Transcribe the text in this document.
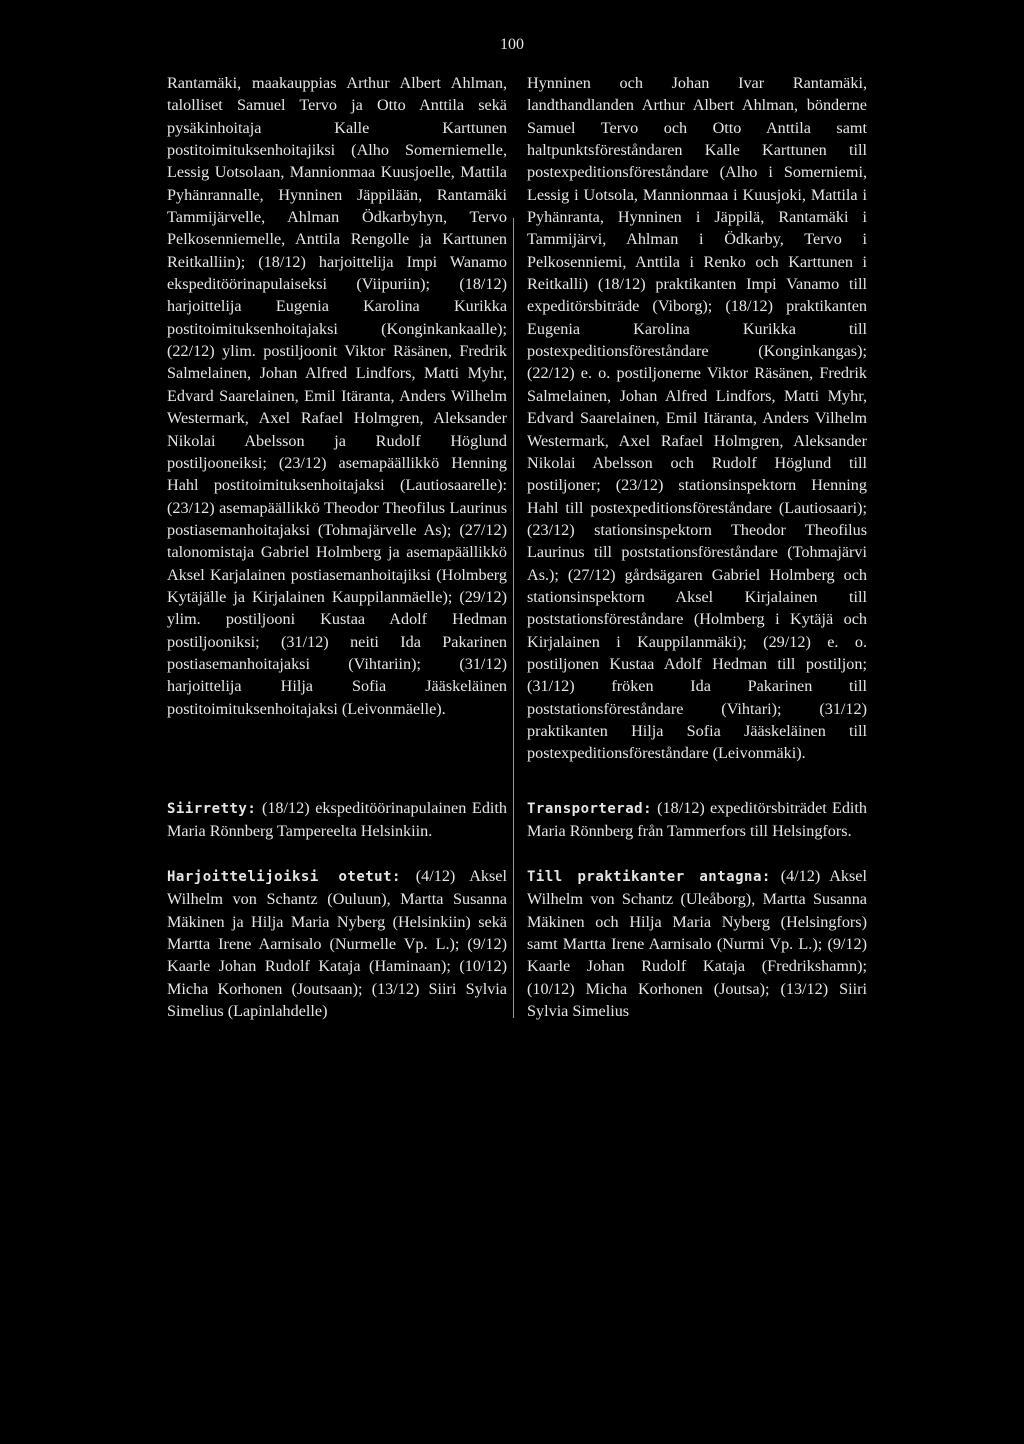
100

Rantamäki, maakauppias Arthur Albert Ahlman, talolliset Samuel Tervo ja Otto Anttila sekä pysäkinhoitaja Kalle Karttunen postitoimituksenhoitajiksi (Alho Somerniemelle, Lessig Uotsolaan, Mannionmaa Kuusjoelle, Mattila Pyhänrannalle, Hynninen Jäppilään, Rantamäki Tammijärvelle, Ahlman Ödkarbyhyn, Tervo Pelkosenniemelle, Anttila Rengolle ja Karttunen Reitkalliin); (18/12) harjoittelija Impi Wanamo ekspeditöörinapulaiseksi (Viipuriin); (18/12) harjoittelija Eugenia Karolina Kurikka postitoimituksenhoitajaksi (Konginkankaalle); (22/12) ylim. postiljoonit Viktor Räsänen, Fredrik Salmelainen, Johan Alfred Lindfors, Matti Myhr, Edvard Saarelainen, Emil Itäranta, Anders Wilhelm Westermark, Axel Rafael Holmgren, Aleksander Nikolai Abelsson ja Rudolf Höglund postiljooneiksi; (23/12) asemapäällikkö Henning Hahl postitoimituksenhoitajaksi (Lautiosaarelle): (23/12) asemapäällikkö Theodor Theofilus Laurinus postiasemanhoitajaksi (Tohmajärvelle As); (27/12) talonomistaja Gabriel Holmberg ja asemapäällikkö Aksel Karjalainen postiasemanhoitajiksi (Holmberg Kytäjälle ja Kirjalainen Kauppilanmäelle); (29/12) ylim. postiljooni Kustaa Adolf Hedman postiljooniksi; (31/12) neiti Ida Pakarinen postiasemanhoitajaksi (Vihtariin); (31/12) harjoittelija Hilja Sofia Jääskeläinen postitoimituksenhoitajaksi (Leivonmäelle).

Siirretty: (18/12) ekspeditöörinapulainen Edith Maria Rönnberg Tampereelta Helsinkiin.

Harjoittelijoiksi otetut: (4/12) Aksel Wilhelm von Schantz (Ouluun), Martta Susanna Mäkinen ja Hilja Maria Nyberg (Helsinkiin) sekä Martta Irene Aarnisalo (Nurmelle Vp. L.); (9/12) Kaarle Johan Rudolf Kataja (Haminaan); (10/12) Micha Korhonen (Joutsaan); (13/12) Siiri Sylvia Simelius (Lapinlahdelle)

Hynninen och Johan Ivar Rantamäki, landthandlanden Arthur Albert Ahlman, bönderne Samuel Tervo och Otto Anttila samt haltpunktsföreståndaren Kalle Karttunen till postexpeditionsföreståndare (Alho i Somerniemi, Lessig i Uotsola, Mannionmaa i Kuusjoki, Mattila i Pyhänranta, Hynninen i Jäppilä, Rantamäki i Tammijärvi, Ahlman i Ödkarby, Tervo i Pelkosenniemi, Anttila i Renko och Karttunen i Reitkalli) (18/12) praktikanten Impi Vanamo till expeditörsbiträde (Viborg); (18/12) praktikanten Eugenia Karolina Kurikka till postexpeditionsföreståndare (Konginkangas); (22/12) e. o. postiljonerne Viktor Räsänen, Fredrik Salmelainen, Johan Alfred Lindfors, Matti Myhr, Edvard Saarelainen, Emil Itäranta, Anders Vilhelm Westermark, Axel Rafael Holmgren, Aleksander Nikolai Abelsson och Rudolf Höglund till postiljoner; (23/12) stationsinspektorn Henning Hahl till postexpeditionsföreståndare (Lautiosaari); (23/12) stationsinspektorn Theodor Theofilus Laurinus till poststationsföreståndare (Tohmajärvi As.); (27/12) gårdsägaren Gabriel Holmberg och stationsinspektorn Aksel Kirjalainen till poststationsföreståndare (Holmberg i Kytäjä och Kirjalainen i Kauppilanmäki); (29/12) e. o. postiljonen Kustaa Adolf Hedman till postiljon; (31/12) fröken Ida Pakarinen till poststationsföreståndare (Vihtari); (31/12) praktikanten Hilja Sofia Jääskeläinen till postexpeditionsföreståndare (Leivonmäki).

Transporterad: (18/12) expeditörsbiträdet Edith Maria Rönnberg från Tammerfors till Helsingfors.

Till praktikanter antagna: (4/12) Aksel Wilhelm von Schantz (Uleåborg), Martta Susanna Mäkinen och Hilja Maria Nyberg (Helsingfors) samt Martta Irene Aarnisalo (Nurmi Vp. L.); (9/12) Kaarle Johan Rudolf Kataja (Fredrikshamn); (10/12) Micha Korhonen (Joutsa); (13/12) Siiri Sylvia Simelius
